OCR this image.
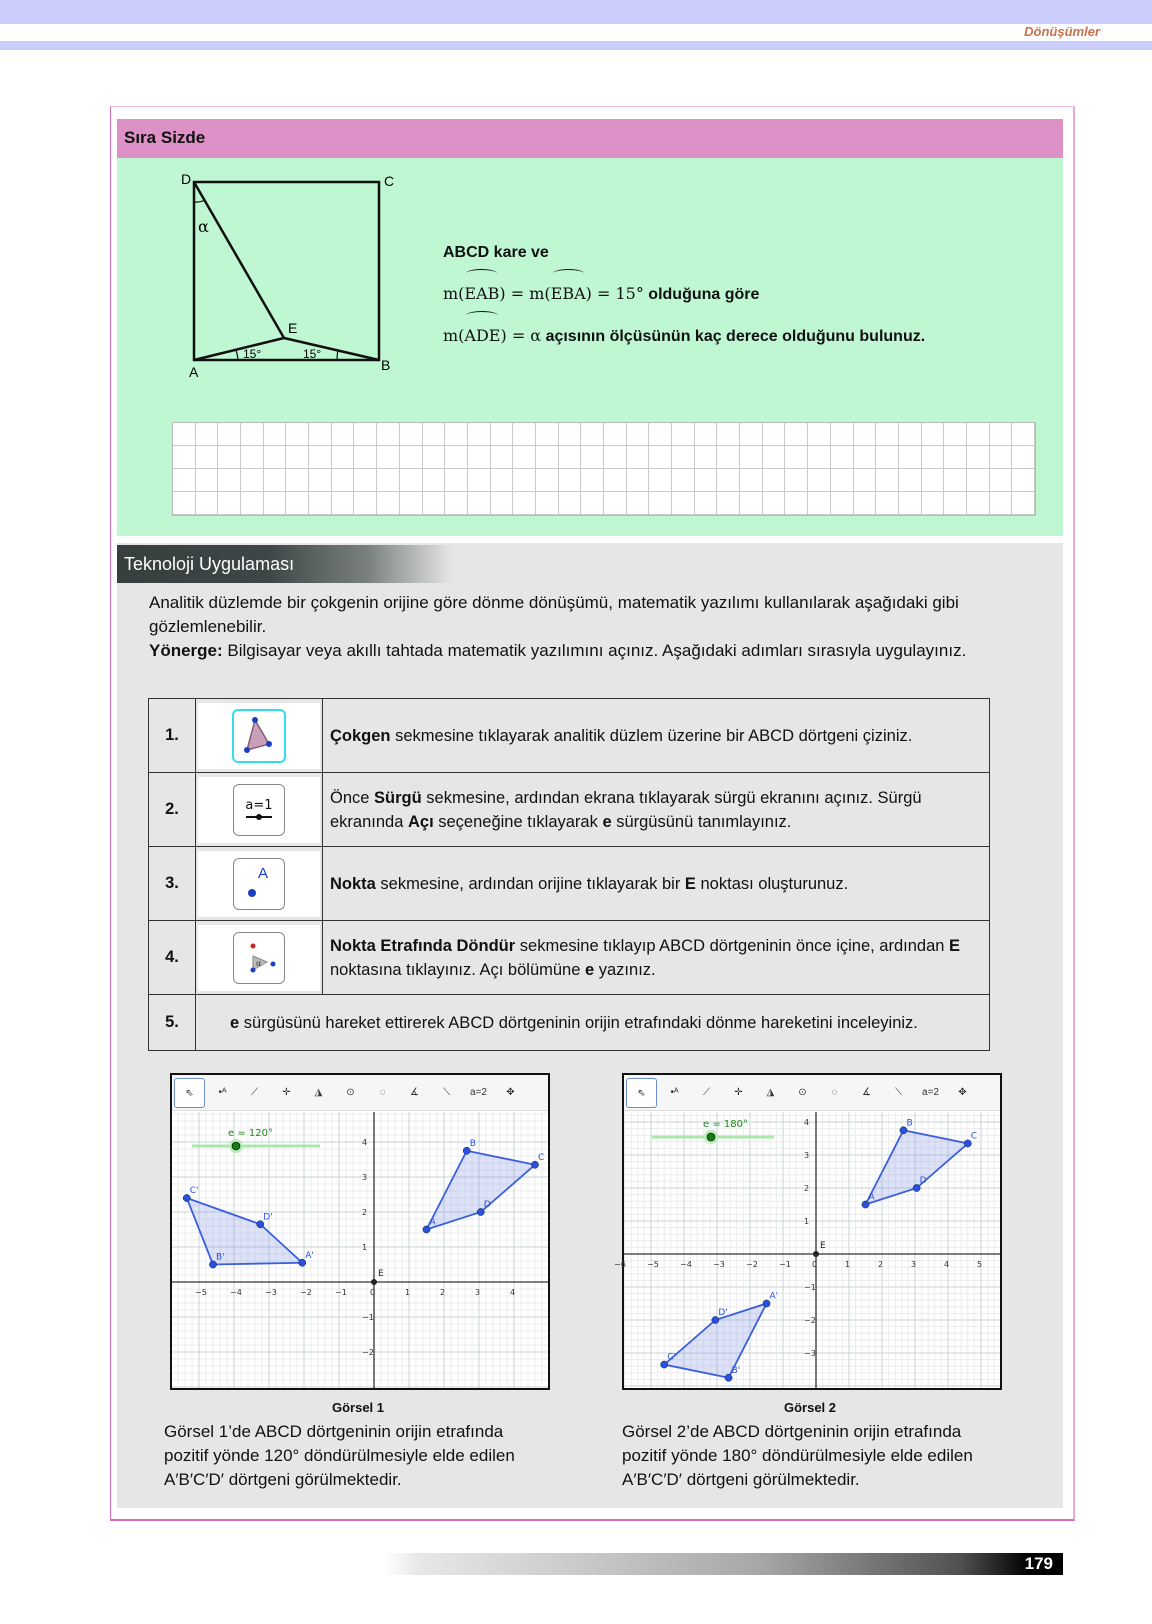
Dönüşümler
Sıra Sizde
D	C
A	B
E
α
15°	15°
ABCD kare ve
m(EAB) = m(EBA) = 15° olduğuna göre
m(ADE) = α açısının ölçüsünün kaç derece olduğunu bulunuz.
Teknoloji Uygulaması
Analitik düzlemde bir çokgenin orijine göre dönme dönüşümü, matematik yazılımı kullanılarak aşağıdaki gibi gözlemlenebilir.
Yönerge: Bilgisayar veya akıllı tahtada matematik yazılımını açınız. Aşağıdaki adımları sırasıyla uygulayınız.
1.		Çokgen sekmesine tıklayarak analitik düzlem üzerine bir ABCD dörtgeni çiziniz.
2.	a=1	Önce Sürgü sekmesine, ardından ekrana tıklayarak sürgü ekranını açınız. Sürgü ekranında Açı seçeneğine tıklayarak e sürgüsünü tanımlayınız.
3.	A	Nokta sekmesine, ardından orijine tıklayarak bir E noktası oluşturunuz.
4.	α	Nokta Etrafında Döndür sekmesine tıklayıp ABCD dörtgeninin önce içine, ardından E noktasına tıklayınız. Açı bölümüne e yazınız.
5.	e sürgüsünü hareket ettirerek ABCD dörtgeninin orijin etrafındaki dönme hareketini inceleyiniz.	
⇖	•ᴬ	⟋	✛	◮	⊙	◌	∡	⟍	a=2	✥
−5	−4	−3	−2	−1	0	1	2	3	4
4
3
2
1
−1
−2
e = 120°
A
B
C
D
A'
B'
C'
D'
E
Görsel 1
Görsel 1’de ABCD dörtgeninin orijin etrafında
pozitif yönde 120° döndürülmesiyle elde edilen
A′B′C′D′ dörtgeni görülmektedir.
⇖	•ᴬ	⟋	✛	◮	⊙	◌	∡	⟍	a=2	✥
−6	−5	−4	−3	−2	−1	0	1	2	3	4	5
4
3
2
1
−1
−2
−3
e = 180°
A
B
C
D
A'
B'
C'
D'
E
Görsel 2
Görsel 2’de ABCD dörtgeninin orijin etrafında
pozitif yönde 180° döndürülmesiyle elde edilen
A′B′C′D′ dörtgeni görülmektedir.
179
